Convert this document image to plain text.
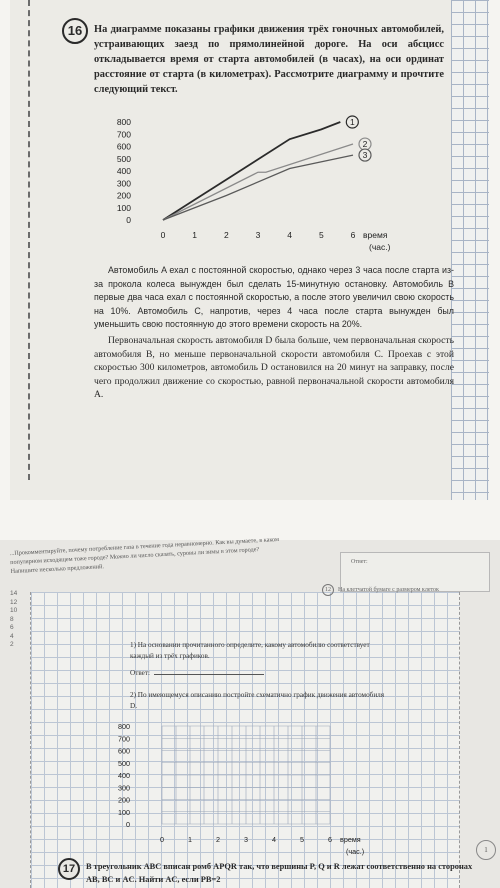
16	На диаграмме показаны графики движения трёх гоночных автомобилей, устраивающих заезд по прямолинейной дороге. На оси абсцисс откладывается время от старта автомобилей (в часах), на оси ординат расстояние от старта (в километрах). Рассмотрите диаграмму и прочтите следующий текст.
0
100
200
300
400
500
600
700
800
0	1	2	3	4	5	6 время
(час.)
1
2
3
Автомобиль A ехал с постоянной скоростью, однако через 3 часа после старта из-за прокола колеса вынужден был сделать 15-минутную остановку. Автомобиль B первые два часа ехал с постоянной скоростью, а после этого увеличил свою скорость на 10%. Автомобиль C, напротив, через 4 часа после старта вынужден был уменьшить свою постоянную до этого времени скорость на 20%.
Первоначальная скорость автомобиля D была больше, чем первоначальная скорость автомобиля B, но меньше первоначальной скорости автомобиля C. Проехав с этой скоростью 300 километров, автомобиль D остановился на 20 минут на заправку, после чего продолжил движение со скоростью, равной первоначальной скорости автомобиля A.
...Прокомментируйте, почему потребление газа в течение года неравномерно. Как вы думаете, в каком популярном исходящем тоже городе? Можно ли число сказать, суровы ли зимы в этом городе? Напишите несколько предложений.
Ответ:
14
12
10
8
6
4
2
12 На клетчатой бумаге с размером клеток
1) На основании прочитанного определите, какому автомобилю соответствует каждый из трёх графиков.
Ответ:
2) По имеющемуся описанию постройте схематично график движения автомобиля D.
0
100
200
300
400
500
600
700
800
0	1	2	3	4	5	6 время
(час.)
17	В треугольник ABC вписан ромб APQR так, что вершины P, Q и R лежат соответственно на сторонах AB, BC и AC. Найти AC, если PB=2
1
